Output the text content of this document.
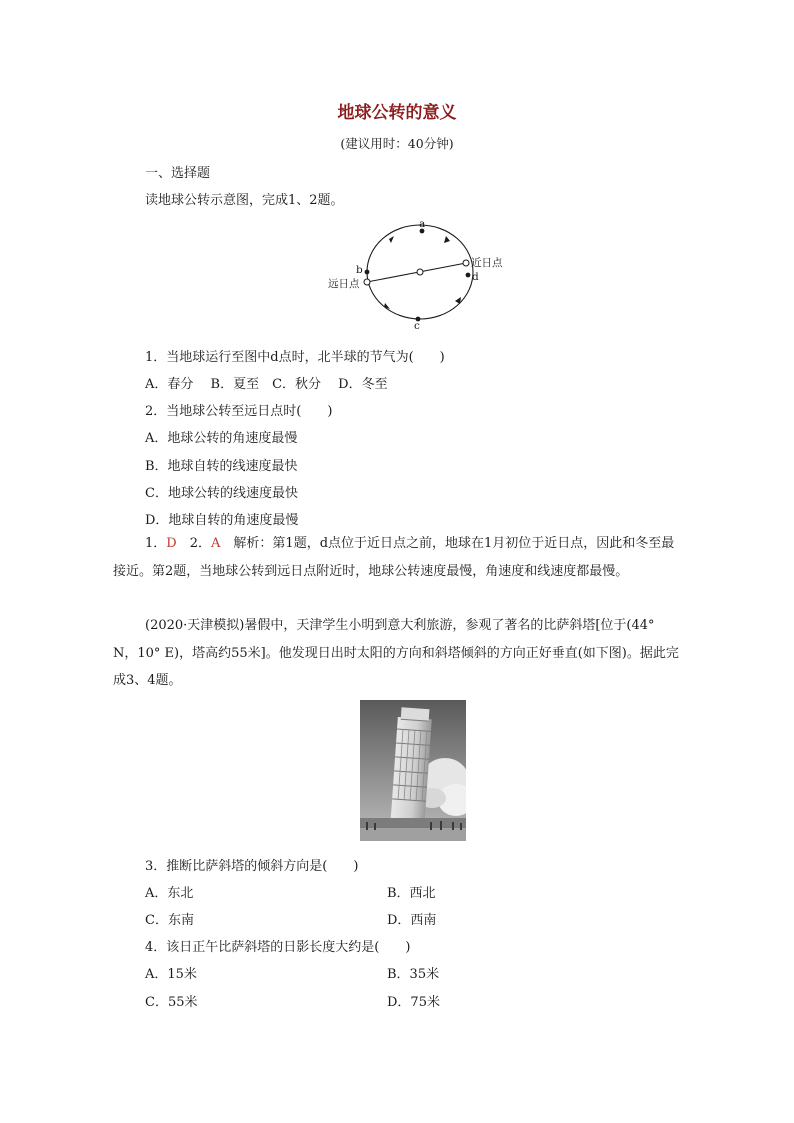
地球公转的意义
(建议用时：40分钟)
一、选择题
读地球公转示意图，完成1、2题。
a
b
c
d
近日点
远日点
1．当地球运行至图中d点时，北半球的节气为(　　)
A．春分　 B．夏至　C．秋分　 D．冬至
2．当地球公转至远日点时(　　)
A．地球公转的角速度最慢
B．地球自转的线速度最快
C．地球公转的线速度最快
D．地球自转的角速度最慢
1．D　 2．A　 解析：第1题，d点位于近日点之前，地球在1月初位于近日点，因此和冬至最接近。第2题，当地球公转到远日点附近时，地球公转速度最慢，角速度和线速度都最慢。
(2020·天津模拟)暑假中，天津学生小明到意大利旅游，参观了著名的比萨斜塔[位于(44° N，10° E)，塔高约55米]。他发现日出时太阳的方向和斜塔倾斜的方向正好垂直(如下图)。据此完成3、4题。
3．推断比萨斜塔的倾斜方向是(　　)
A．东北	B．西北
C．东南	D．西南
4．该日正午比萨斜塔的日影长度大约是(　　)
A．15米	B．35米
C．55米	D．75米
